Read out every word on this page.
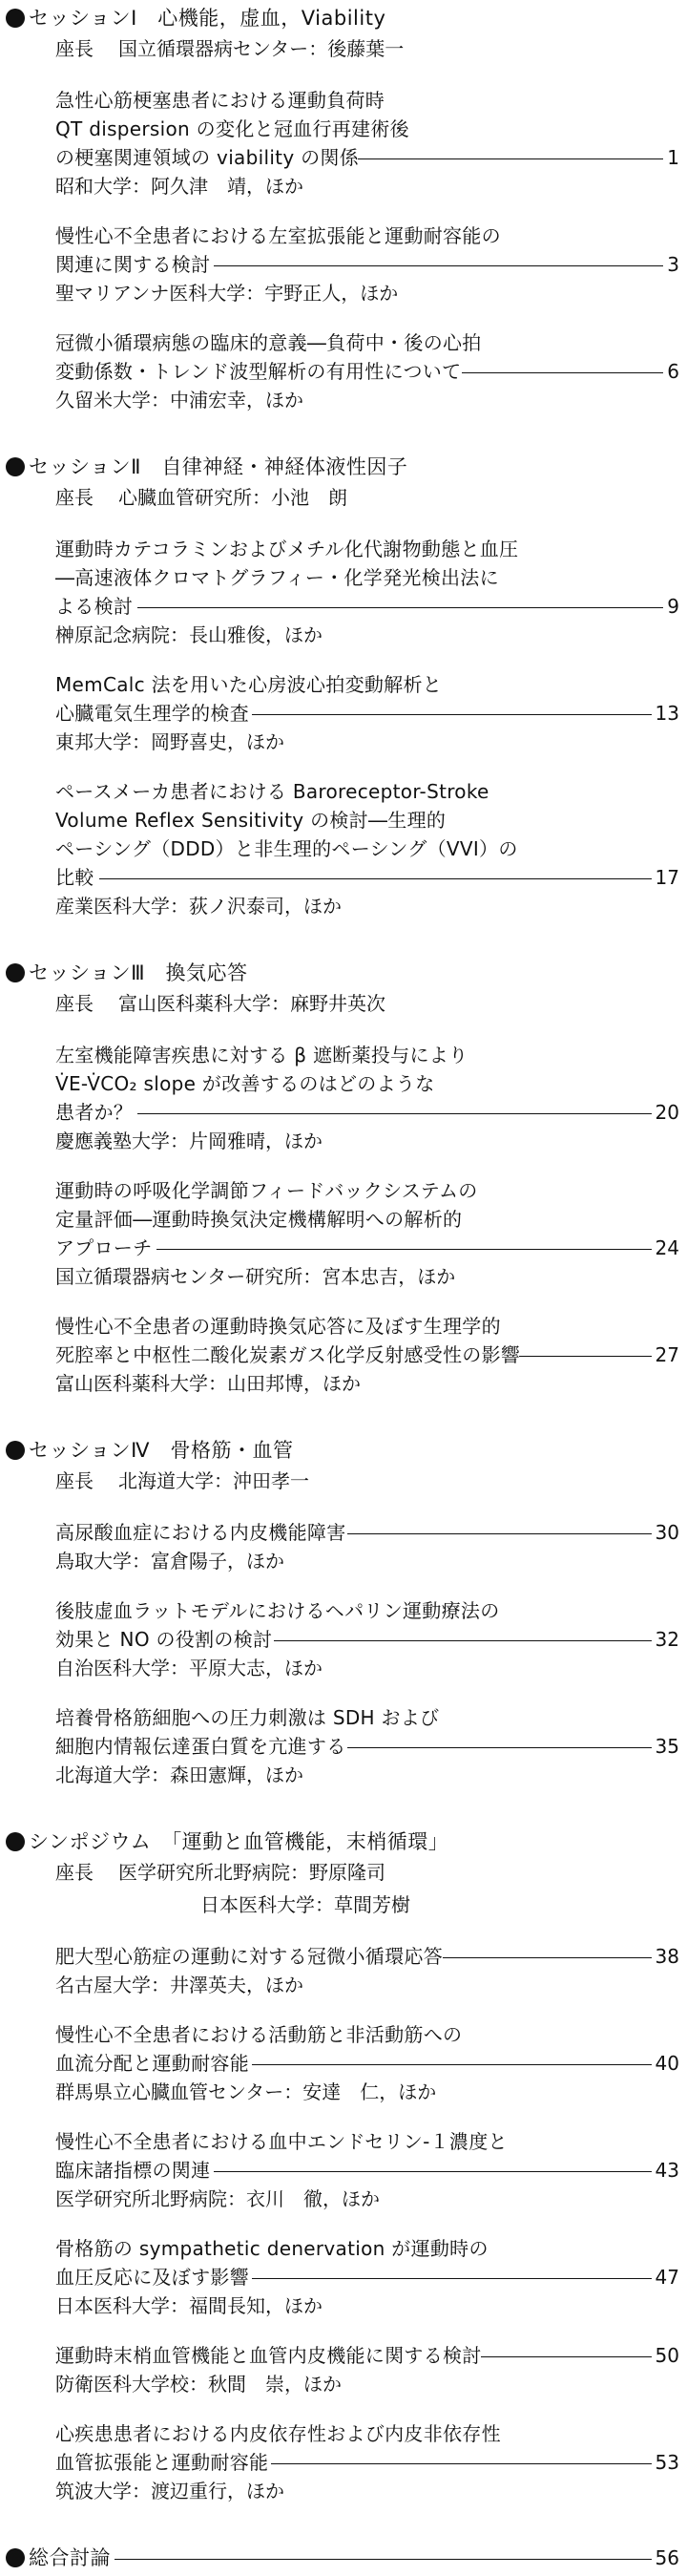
セッションⅠ　心機能，虚血，Viability
座長 国立循環器病センター：後藤葉一
急性心筋梗塞患者における運動負荷時
QT dispersion の変化と冠血行再建術後
の梗塞関連領域の viability の関係	1
昭和大学：阿久津　靖，ほか
慢性心不全患者における左室拡張能と運動耐容能の
関連に関する検討	3
聖マリアンナ医科大学：宇野正人，ほか
冠微小循環病態の臨床的意義―負荷中・後の心拍
変動係数・トレンド波型解析の有用性について	6
久留米大学：中浦宏幸，ほか
セッションⅡ　自律神経・神経体液性因子
座長 心臓血管研究所：小池　朗
運動時カテコラミンおよびメチル化代謝物動態と血圧
―高速液体クロマトグラフィー・化学発光検出法に
よる検討	9
榊原記念病院：長山雅俊，ほか
MemCalc 法を用いた心房波心拍変動解析と
心臓電気生理学的検査	13
東邦大学：岡野喜史，ほか
ペースメーカ患者における Baroreceptor-Stroke
Volume Reflex Sensitivity の検討―生理的
ペーシング（DDD）と非生理的ペーシング（VVI）の
比較	17
産業医科大学：荻ノ沢泰司，ほか
セッションⅢ　換気応答
座長 富山医科薬科大学：麻野井英次
左室機能障害疾患に対する β 遮断薬投与により
V̇E-V̇CO₂ slope が改善するのはどのような
患者か？	20
慶應義塾大学：片岡雅晴，ほか
運動時の呼吸化学調節フィードバックシステムの
定量評価―運動時換気決定機構解明への解析的
アプローチ	24
国立循環器病センター研究所：宮本忠吉，ほか
慢性心不全患者の運動時換気応答に及ぼす生理学的
死腔率と中枢性二酸化炭素ガス化学反射感受性の影響	27
富山医科薬科大学：山田邦博，ほか
セッションⅣ　骨格筋・血管
座長 北海道大学：沖田孝一
高尿酸血症における内皮機能障害	30
鳥取大学：富倉陽子，ほか
後肢虚血ラットモデルにおけるヘパリン運動療法の
効果と NO の役割の検討	32
自治医科大学：平原大志，ほか
培養骨格筋細胞への圧力刺激は SDH および
細胞内情報伝達蛋白質を亢進する	35
北海道大学：森田憲輝，ほか
シンポジウム　「運動と血管機能，末梢循環」
座長 医学研究所北野病院：野原隆司
日本医科大学：草間芳樹
肥大型心筋症の運動に対する冠微小循環応答	38
名古屋大学：井澤英夫，ほか
慢性心不全患者における活動筋と非活動筋への
血流分配と運動耐容能	40
群馬県立心臓血管センター：安達　仁，ほか
慢性心不全患者における血中エンドセリン-１濃度と
臨床諸指標の関連	43
医学研究所北野病院：衣川　徹，ほか
骨格筋の sympathetic denervation が運動時の
血圧反応に及ぼす影響	47
日本医科大学：福間長知，ほか
運動時末梢血管機能と血管内皮機能に関する検討	50
防衛医科大学校：秋間　崇，ほか
心疾患患者における内皮依存性および内皮非依存性
血管拡張能と運動耐容能	53
筑波大学：渡辺重行，ほか
総合討論	56
